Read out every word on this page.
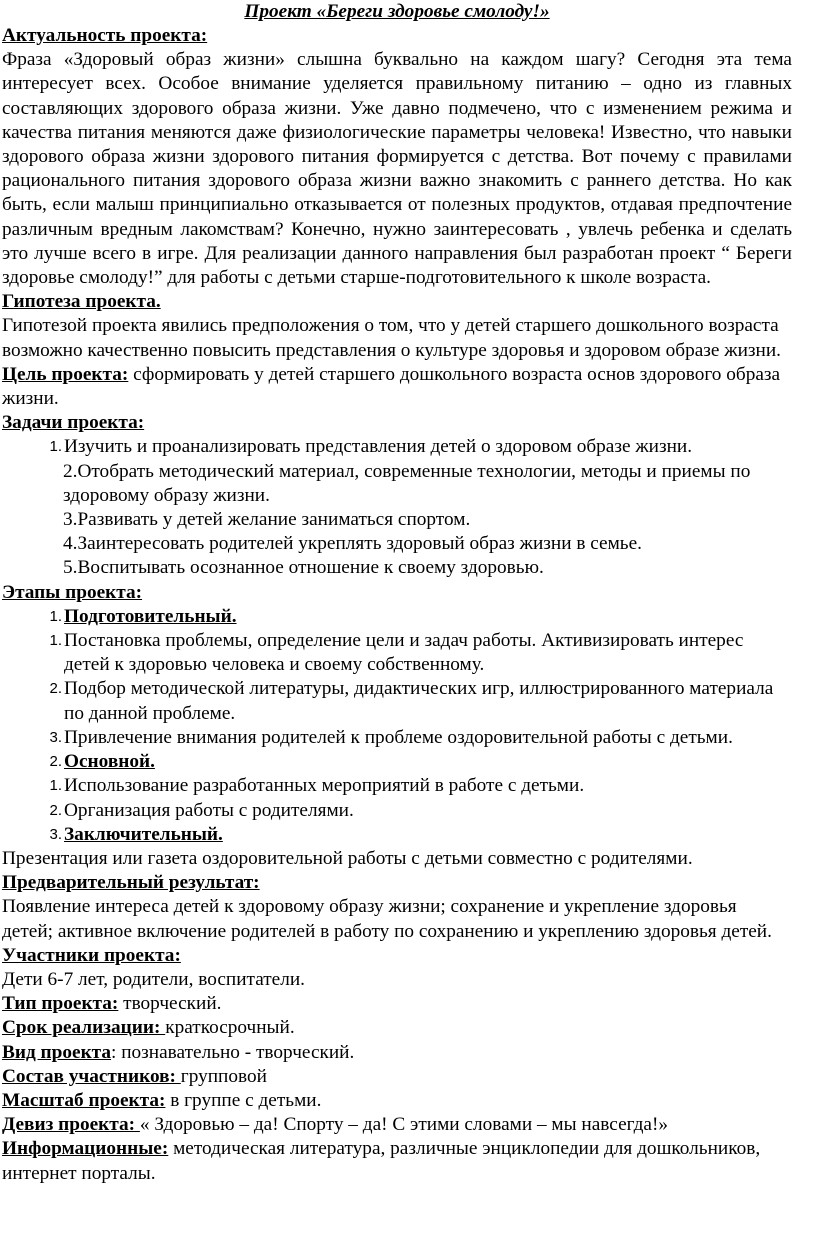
Проект «Береги здоровье смолоду!»

Актуальность проекта:

Фраза «Здоровый образ жизни» слышна буквально на каждом шагу? Сегодня эта тема интересует всех. Особое внимание уделяется правильному питанию – одно из главных составляющих здорового образа жизни. Уже давно подмечено, что с изменением режима и качества питания меняются даже физиологические параметры человека! Известно, что навыки здорового образа жизни здорового питания формируется с детства. Вот почему с правилами рационального питания здорового образа жизни важно знакомить с раннего детства. Но как быть, если малыш принципиально отказывается от полезных продуктов, отдавая предпочтение различным вредным лакомствам? Конечно, нужно заинтересовать , увлечь ребенка и сделать это лучше всего в игре. Для реализации данного направления был разработан проект “ Береги здоровье смолоду!” для работы с детьми старше-подготовительного к школе возраста.

Гипотеза проекта.

Гипотезой проекта явились предположения о том, что у детей старшего дошкольного возраста возможно качественно повысить представления о культуре здоровья и здоровом образе жизни.

Цель проекта: сформировать у детей старшего дошкольного возраста основ здорового образа жизни.

Задачи проекта:

1. Изучить и проанализировать представления детей о здоровом образе жизни.
2.Отобрать методический материал, современные технологии, методы и приемы по здоровому образу жизни.
3.Развивать у детей желание заниматься спортом.
4.Заинтересовать родителей укреплять здоровый образ жизни в семье.
5.Воспитывать осознанное отношение к своему здоровью.

Этапы проекта:

1. Подготовительный.
1. Постановка проблемы, определение цели и задач работы. Активизировать интерес детей к здоровью человека и своему собственному.
2. Подбор методической литературы, дидактических игр, иллюстрированного материала по данной проблеме.
3. Привлечение внимания родителей к проблеме оздоровительной работы с детьми.
2. Основной.
1. Использование разработанных мероприятий в работе с детьми.
2. Организация работы с родителями.
3. Заключительный.

Презентация или газета оздоровительной работы с детьми совместно с родителями.

Предварительный результат:

Появление интереса детей к здоровому образу жизни; сохранение и укрепление здоровья детей; активное включение родителей в работу по сохранению и укреплению здоровья детей.

Участники проекта:

Дети 6-7 лет, родители, воспитатели.

Тип проекта: творческий.

Срок реализации: краткосрочный.

Вид проекта: познавательно - творческий.

Состав участников: групповой

Масштаб проекта: в группе с детьми.

Девиз проекта: « Здоровью – да! Спорту – да! С этими словами – мы навсегда!»

Информационные: методическая литература, различные энциклопедии для дошкольников, интернет порталы.
